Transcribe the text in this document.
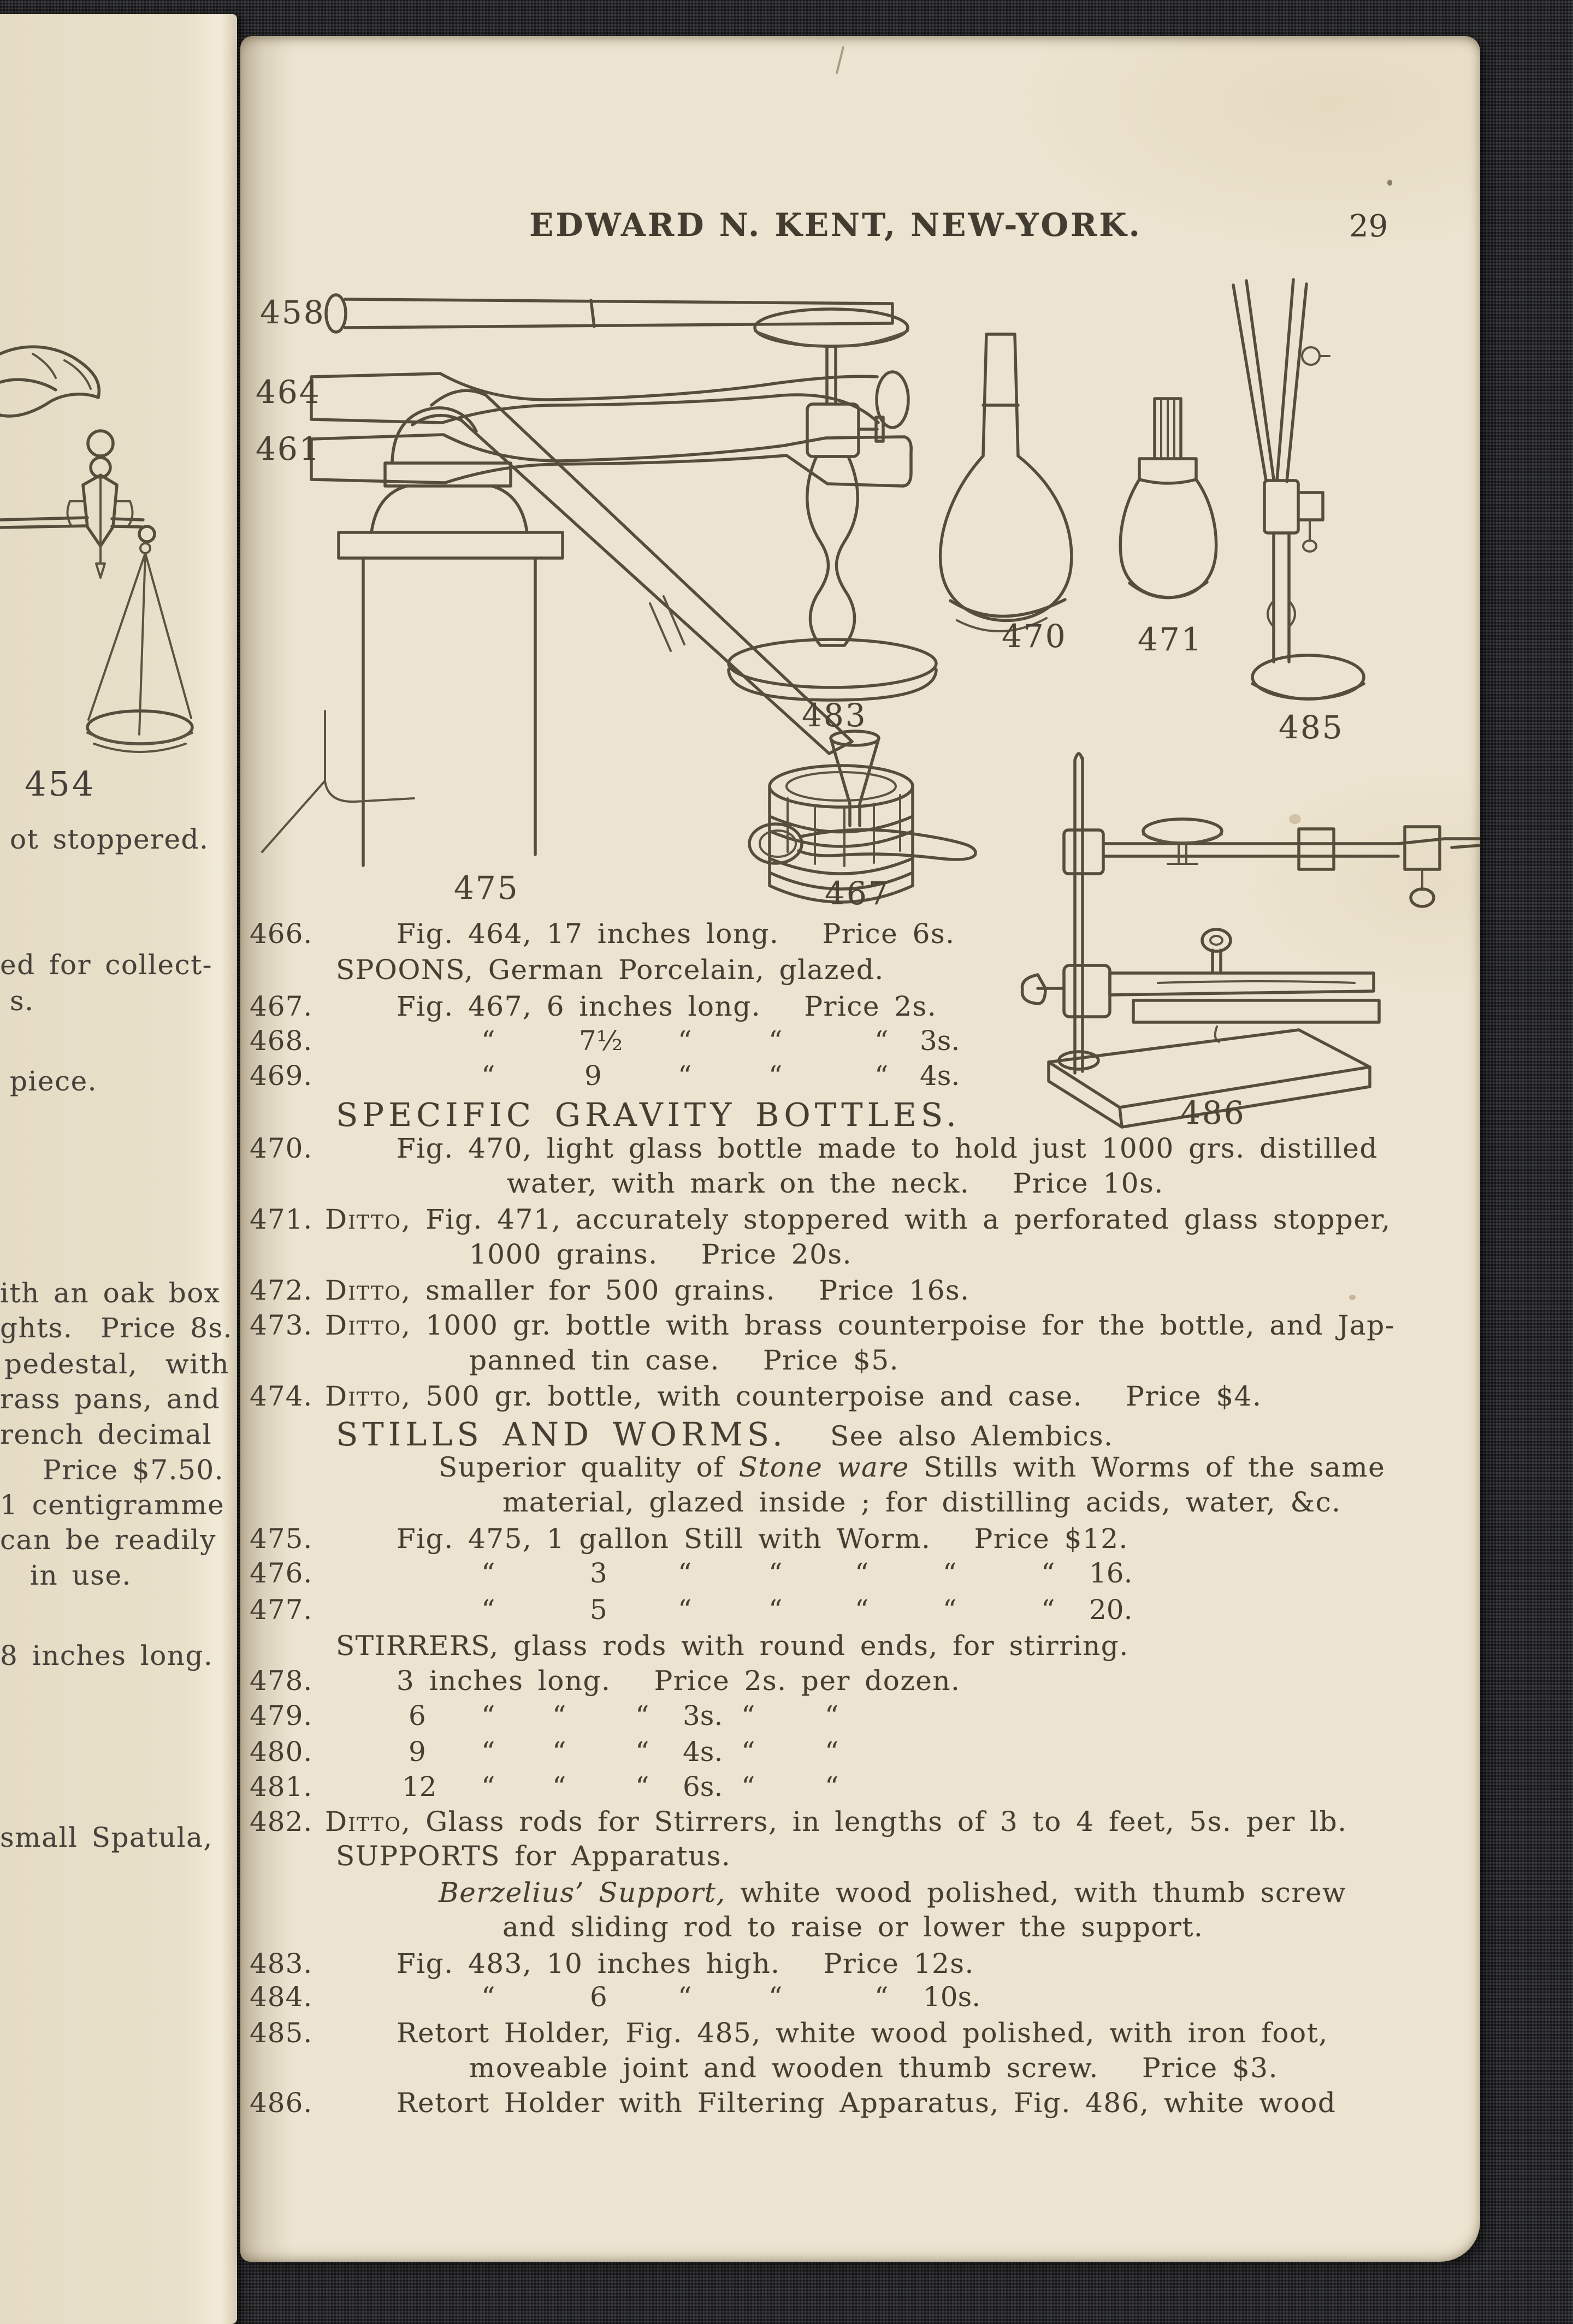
454
ot stoppered.
ed for collect-
s.
piece.
ith an oak box
ghts.  Price 8s.
pedestal,  with
rass pans, and
rench decimal
Price $7.50.
1 centigramme
can be readily
in use.
8 inches long.
small Spatula,
EDWARD N. KENT, NEW-YORK.	29
458
464
461
475	467
483
470 471
485
486
466.	Fig. 464, 17 inches long.   Price 6s.
SPOONS, German Porcelain, glazed.
467.	Fig. 467, 6 inches long.   Price 2s.
468.	“	7½ “	“	“ 3s.
469.	“	9	“	“	“ 4s.
SPECIFIC GRAVITY BOTTLES.
470.	Fig. 470, light glass bottle made to hold just 1000 grs. distilled
water, with mark on the neck.   Price 10s.
471. Ditto, Fig. 471, accurately stoppered with a perforated glass stopper,
1000 grains.   Price 20s.
472. Ditto, smaller for 500 grains.   Price 16s.
473. Ditto, 1000 gr. bottle with brass counterpoise for the bottle, and Jap-
panned tin case.   Price $5.
474. Ditto, 500 gr. bottle, with counterpoise and case.   Price $4.
STILLS AND WORMS.   See also Alembics.
Superior quality of Stone ware Stills with Worms of the same
material, glazed inside ; for distilling acids, water, &c.
475.	Fig. 475, 1 gallon Still with Worm.   Price $12.
476.	“	3	“	“	“	“	“ 16.
477.	“	5	“	“	“	“	“ 20.
STIRRERS, glass rods with round ends, for stirring.
478.	3 inches long.   Price 2s. per dozen.
479.	6 “ “	“ 3s. “	“
480.	9 “ “	“ 4s. “	“
481.	12 “ “	“ 6s. “	“
482. Ditto, Glass rods for Stirrers, in lengths of 3 to 4 feet, 5s. per lb.
SUPPORTS for Apparatus.
Berzelius’ Support, white wood polished, with thumb screw
and sliding rod to raise or lower the support.
483.	Fig. 483, 10 inches high.   Price 12s.
484.	“	6	“	“	“ 10s.
485.	Retort Holder, Fig. 485, white wood polished, with iron foot,
moveable joint and wooden thumb screw.   Price $3.
486.	Retort Holder with Filtering Apparatus, Fig. 486, white wood
